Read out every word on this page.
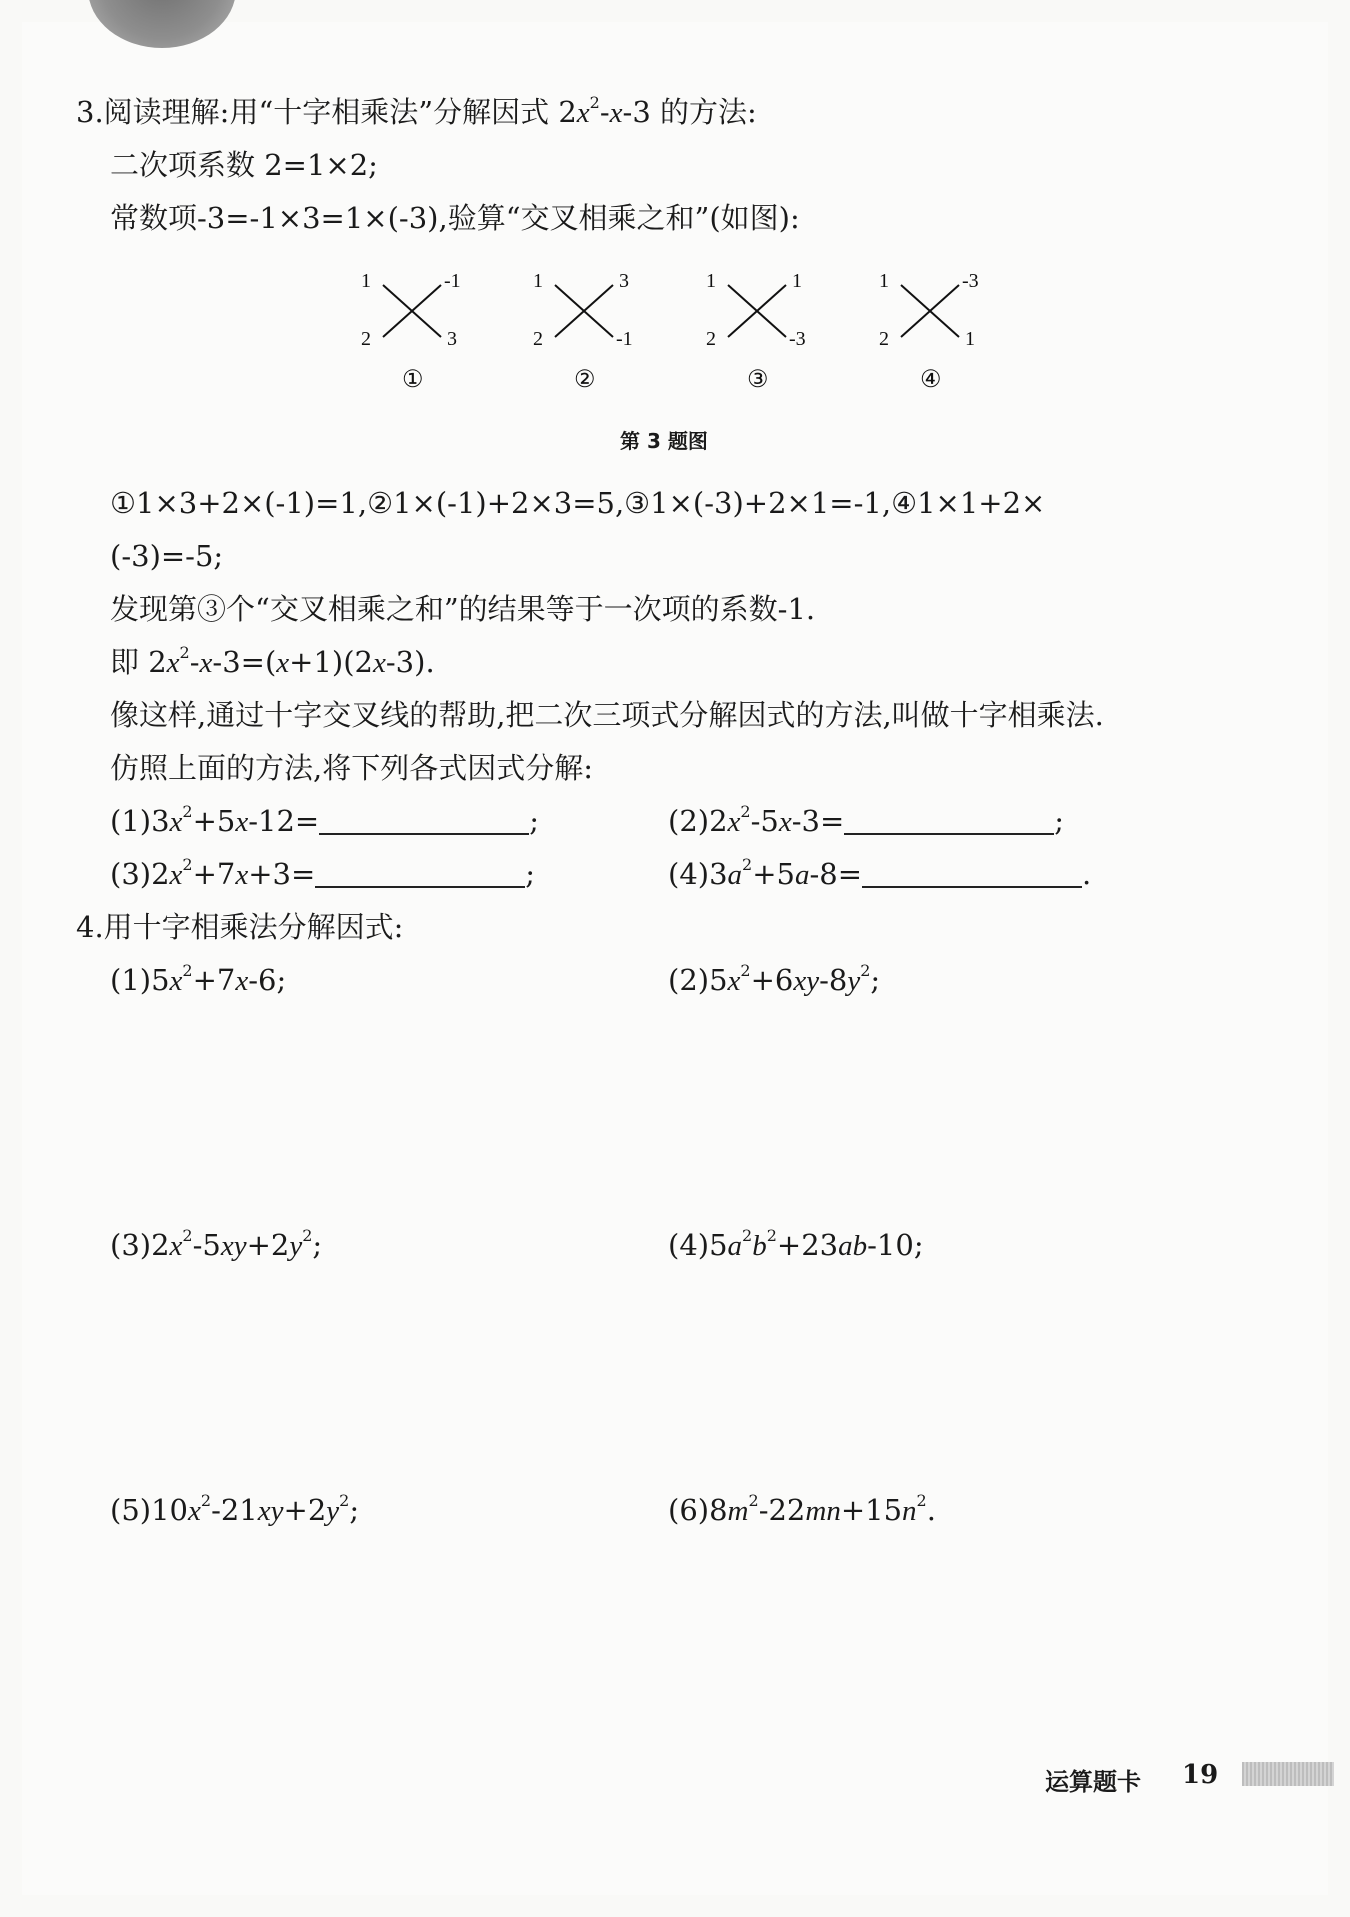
3.阅读理解:用“十字相乘法”分解因式 $2x^2-x-3$ 的方法:
二次项系数 2=1×2;
常数项-3=-1×3=1×(-3),验算“交叉相乘之和”(如图):
1	-1
2	3
①
1	3
2	-1
②
1	1
2	-3
③
1	-3
2	1
④
第 3 题图
①1×3+2×(-1)=1,②1×(-1)+2×3=5,③1×(-3)+2×1=-1,④1×1+2×
(-3)=-5;
发现第③个“交叉相乘之和”的结果等于一次项的系数-1.
即 $2x^2-x-3=(x+1)(2x-3)$.
像这样,通过十字交叉线的帮助,把二次三项式分解因式的方法,叫做十字相乘法.
仿照上面的方法,将下列各式因式分解:
$(1)3x^2+5x-12=$	;	$(2)2x^2-5x-3=$	;
$(3)2x^2+7x+3=$	;	$(4)3a^2+5a-8=$	.
4.用十字相乘法分解因式:
$(1)5x^2+7x-6$;	$(2)5x^2+6xy-8y^2$;
$(3)2x^2-5xy+2y^2$;	$(4)5a^2b^2+23ab-10$;
$(5)10x^2-21xy+2y^2$;	$(6)8m^2-22mn+15n^2$.
运算题卡 19
